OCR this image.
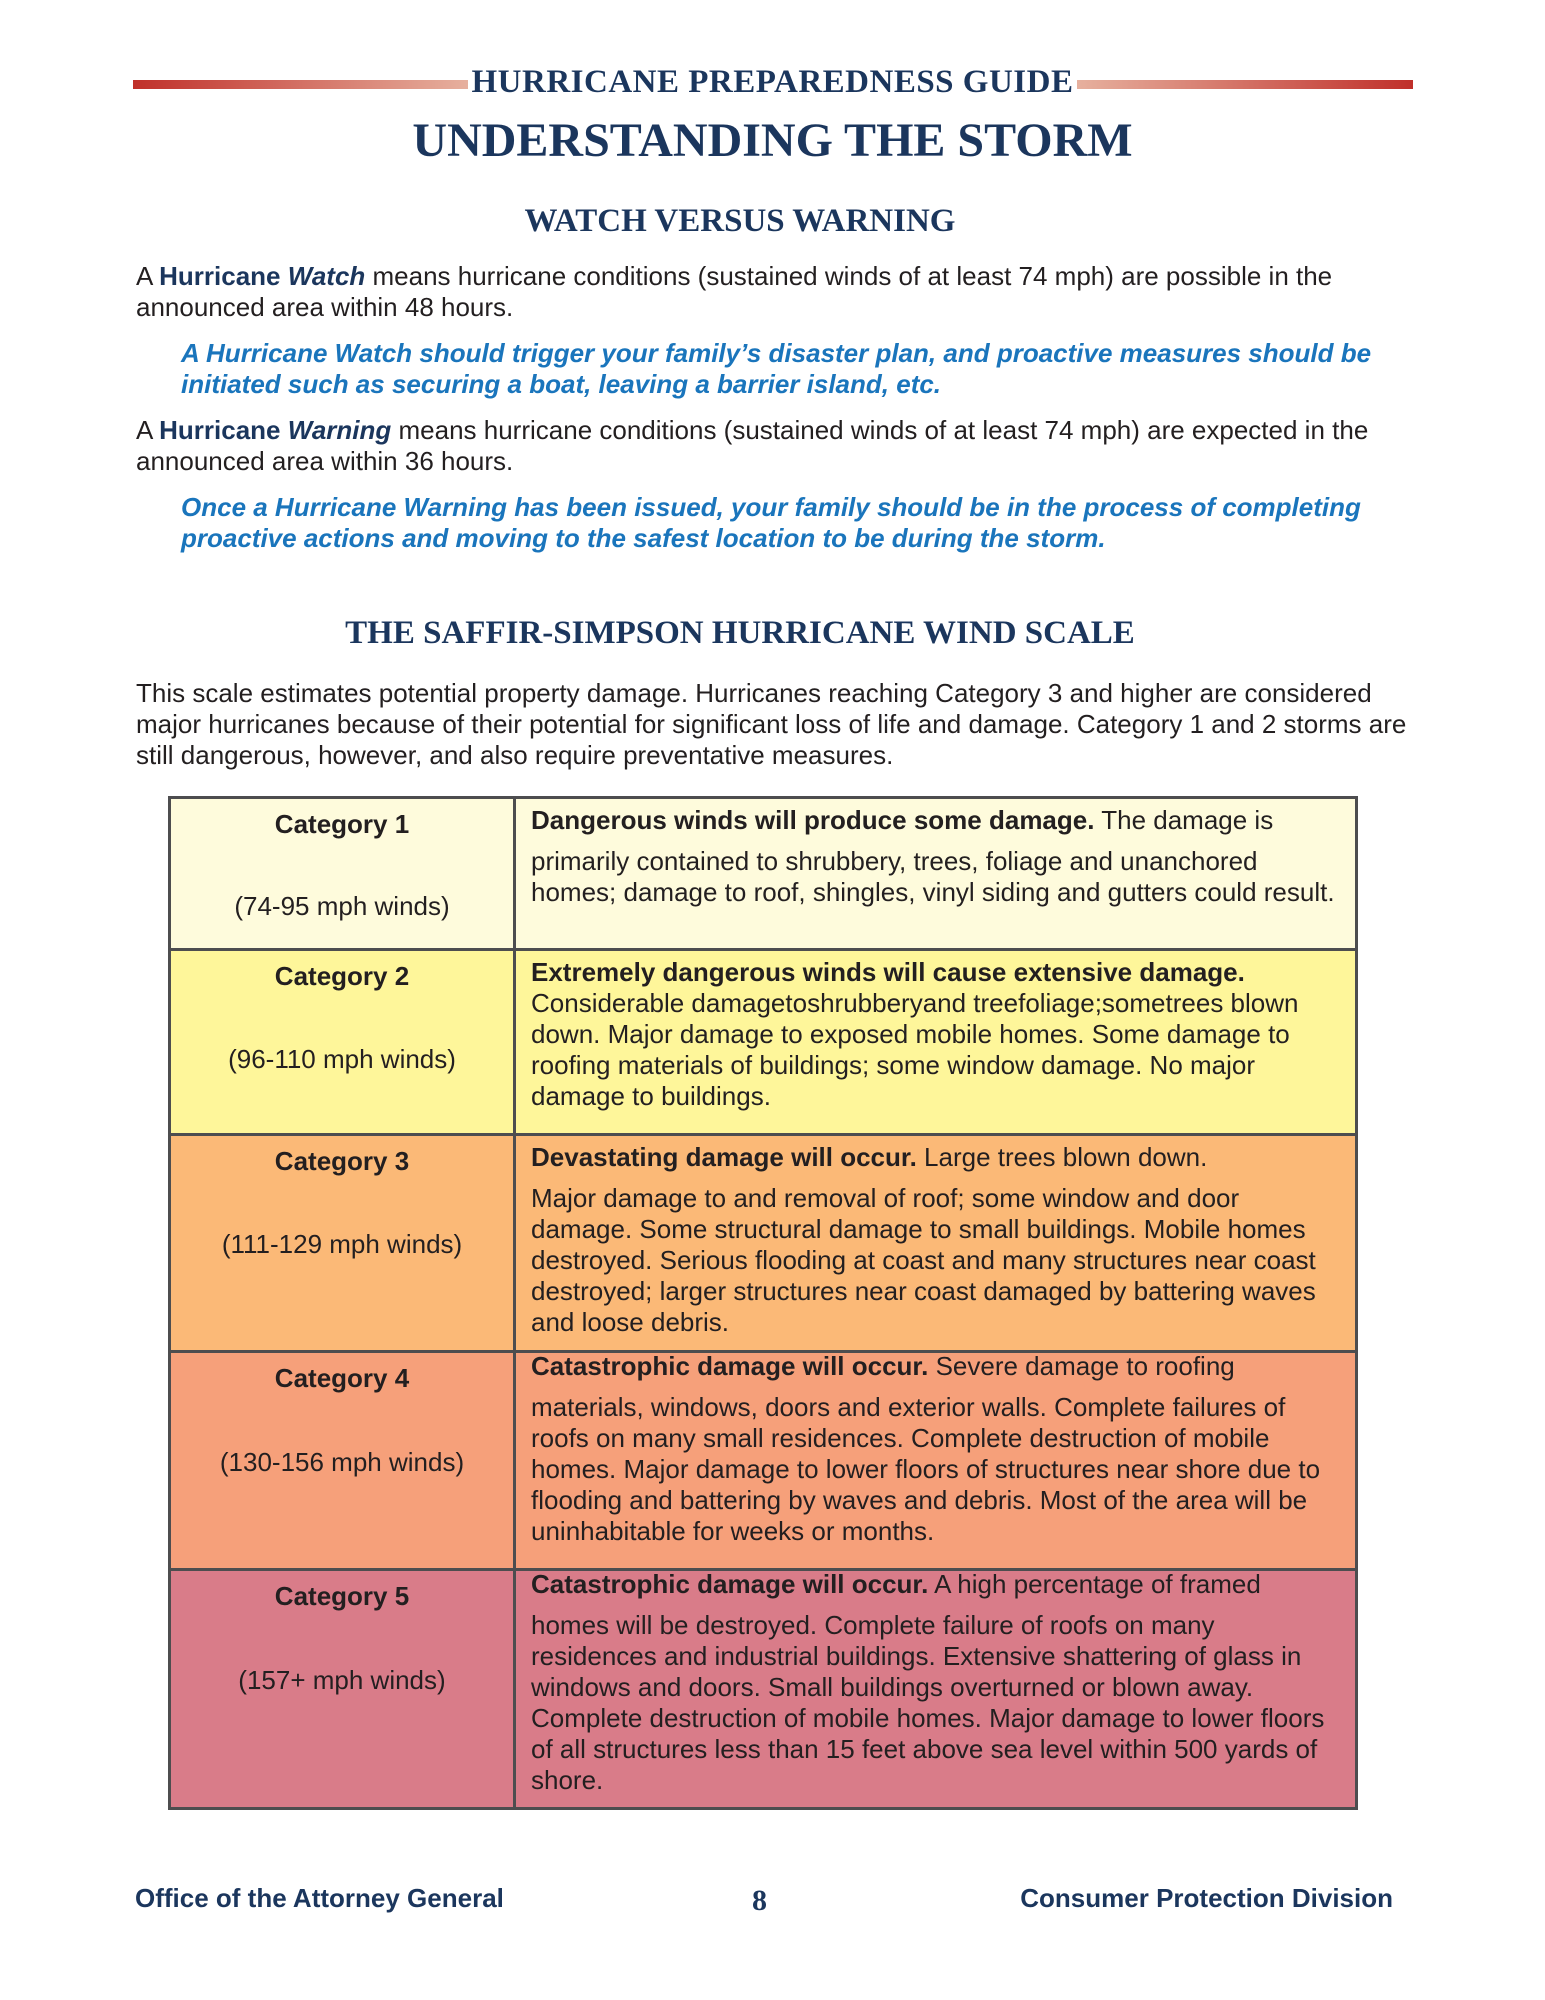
HURRICANE PREPAREDNESS GUIDE
UNDERSTANDING THE STORM
WATCH VERSUS WARNING
A Hurricane Watch means hurricane conditions (sustained winds of at least 74 mph) are possible in the announced area within 48 hours.
A Hurricane Watch should trigger your family’s disaster plan, and proactive measures should be initiated such as securing a boat, leaving a barrier island, etc.
A Hurricane Warning means hurricane conditions (sustained winds of at least 74 mph) are expected in the announced area within 36 hours.
Once a Hurricane Warning has been issued, your family should be in the process of completing proactive actions and moving to the safest location to be during the storm.
THE SAFFIR-SIMPSON HURRICANE WIND SCALE
This scale estimates potential property damage. Hurricanes reaching Category 3 and higher are considered major hurricanes because of their potential for significant loss of life and damage. Category 1 and 2 storms are still dangerous, however, and also require preventative measures.
Category 1
(74-95 mph winds)
Dangerous winds will produce some damage. The damage is
primarily contained to shrubbery, trees, foliage and unanchored homes; damage to roof, shingles, vinyl siding and gutters could result.
Category 2
(96-110 mph winds)
Extremely dangerous winds will cause extensive damage.
Considerable damagetoshrubberyand treefoliage;sometrees blown down. Major damage to exposed mobile homes. Some damage to roofing materials of buildings; some window damage. No major damage to buildings.
Category 3
(111-129 mph winds)
Devastating damage will occur. Large trees blown down.
Major damage to and removal of roof; some window and door damage. Some structural damage to small buildings. Mobile homes destroyed. Serious flooding at coast and many structures near coast destroyed; larger structures near coast damaged by battering waves and loose debris.
Category 4
(130-156 mph winds)
Catastrophic damage will occur. Severe damage to roofing
materials, windows, doors and exterior walls. Complete failures of roofs on many small residences. Complete destruction of mobile homes. Major damage to lower floors of structures near shore due to flooding and battering by waves and debris. Most of the area will be uninhabitable for weeks or months.
Category 5
(157+ mph winds)
Catastrophic damage will occur. A high percentage of framed
homes will be destroyed. Complete failure of roofs on many residences and industrial buildings. Extensive shattering of glass in windows and doors. Small buildings overturned or blown away. Complete destruction of mobile homes. Major damage to lower floors of all structures less than 15 feet above sea level within 500 yards of shore.
Office of the Attorney General	8	Consumer Protection Division
